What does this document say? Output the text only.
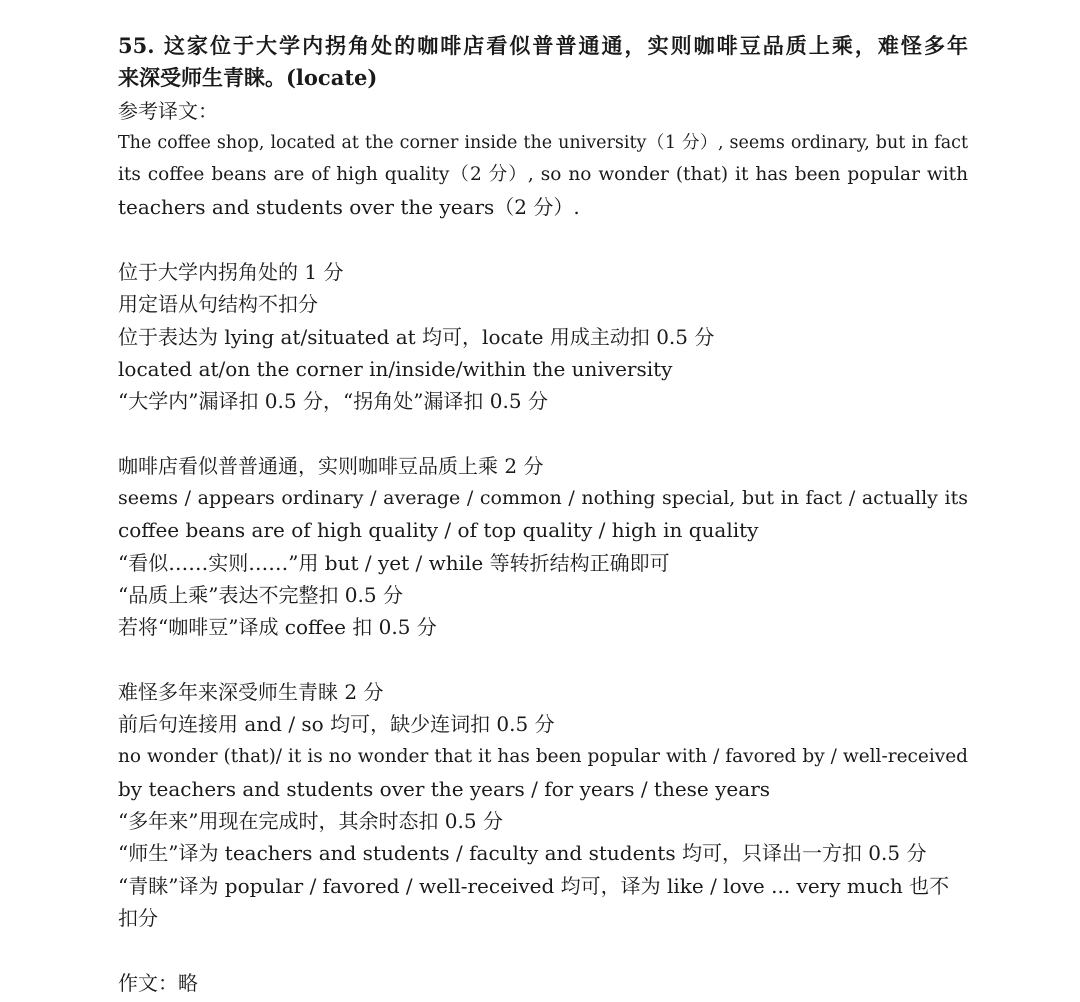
55. 这家位于大学内拐角处的咖啡店看似普普通通，实则咖啡豆品质上乘，难怪多年
来深受师生青睐。(locate)
参考译文：
The coffee shop, located at the corner inside the university（1 分）, seems ordinary, but in fact
its coffee beans are of high quality（2 分）, so no wonder (that) it has been popular with
teachers and students over the years（2 分）.
位于大学内拐角处的 1 分
用定语从句结构不扣分
位于表达为 lying at/situated at 均可，locate 用成主动扣 0.5 分
located at/on the corner in/inside/within the university
“大学内”漏译扣 0.5 分，“拐角处”漏译扣 0.5 分
咖啡店看似普普通通，实则咖啡豆品质上乘 2 分
seems / appears ordinary / average / common / nothing special, but in fact / actually its
coffee beans are of high quality / of top quality / high in quality
“看似……实则……”用 but / yet / while 等转折结构正确即可
“品质上乘”表达不完整扣 0.5 分
若将“咖啡豆”译成 coffee 扣 0.5 分
难怪多年来深受师生青睐 2 分
前后句连接用 and / so 均可，缺少连词扣 0.5 分
no wonder (that)/ it is no wonder that it has been popular with / favored by / well-received
by teachers and students over the years / for years / these years
“多年来”用现在完成时，其余时态扣 0.5 分
“师生”译为 teachers and students / faculty and students 均可，只译出一方扣 0.5 分
“青睐”译为 popular / favored / well-received 均可，译为 like / love ... very much 也不
扣分
作文：略
